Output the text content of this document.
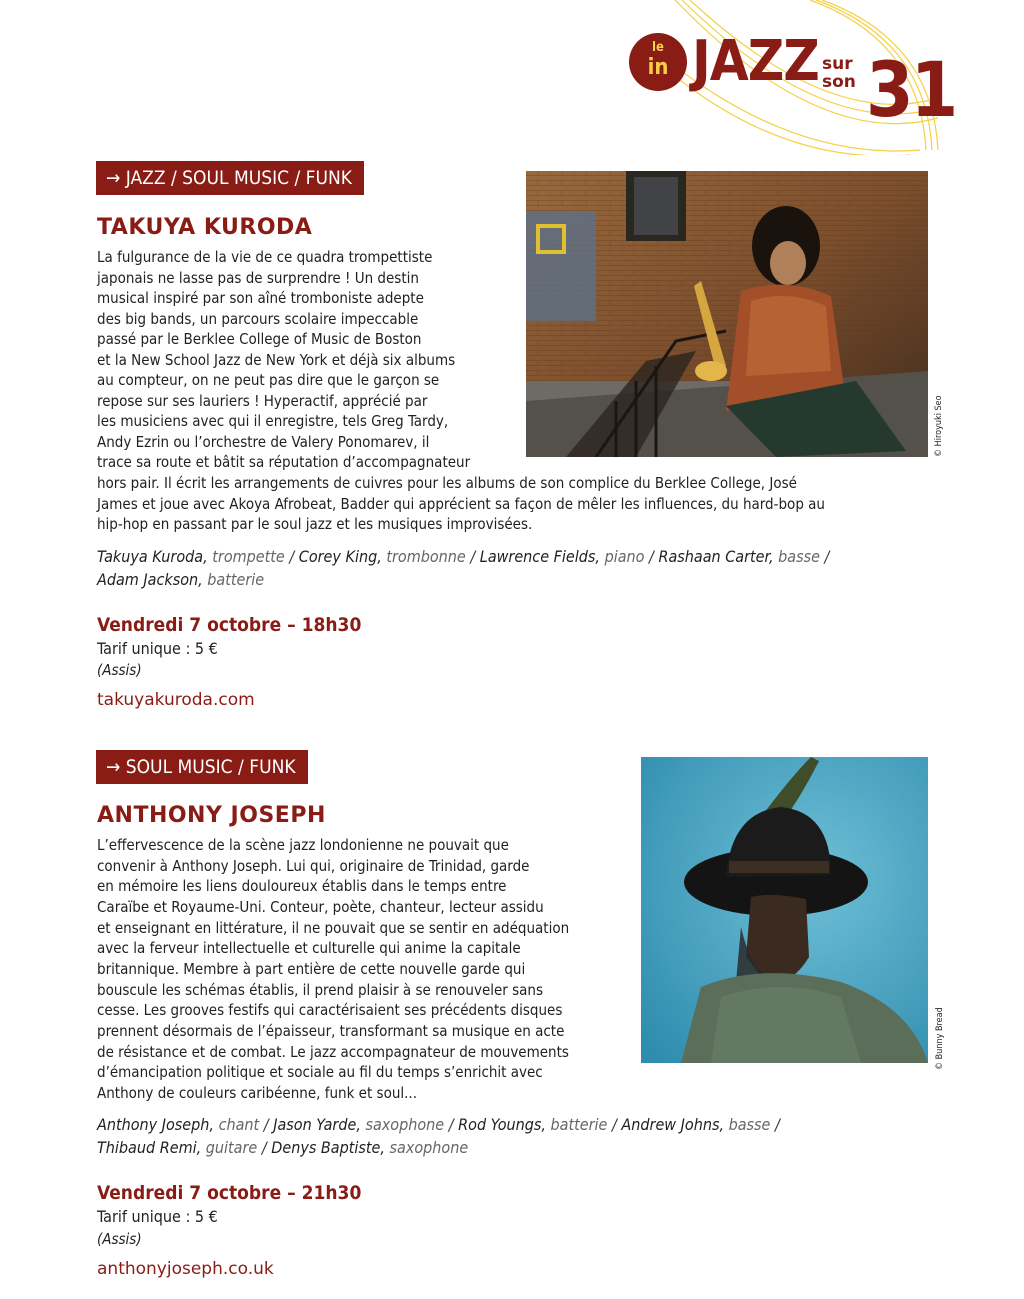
le
in JAZZ sur
son 31
→ JAZZ / SOUL MUSIC / FUNK
TAKUYA KURODA
La fulgurance de la vie de ce quadra trompettiste
japonais ne lasse pas de surprendre ! Un destin
musical inspiré par son aîné tromboniste adepte
des big bands, un parcours scolaire impeccable
passé par le Berklee College of Music de Boston
et la New School Jazz de New York et déjà six albums
au compteur, on ne peut pas dire que le garçon se
repose sur ses lauriers ! Hyperactif, apprécié par
les musiciens avec qui il enregistre, tels Greg Tardy,
Andy Ezrin ou l’orchestre de Valery Ponomarev, il
trace sa route et bâtit sa réputation d’accompagnateur
hors pair. Il écrit les arrangements de cuivres pour les albums de son complice du Berklee College, José
James et joue avec Akoya Afrobeat, Badder qui apprécient sa façon de mêler les influences, du hard-bop au
hip-hop en passant par le soul jazz et les musiques improvisées.
Takuya Kuroda, trompette / Corey King, trombonne / Lawrence Fields, piano / Rashaan Carter, basse /
Adam Jackson, batterie
Vendredi 7 octobre – 18h30
Tarif unique : 5 €
(Assis)
takuyakuroda.com
© Hiroyuki Seo
→ SOUL MUSIC / FUNK
ANTHONY JOSEPH
L’effervescence de la scène jazz londonienne ne pouvait que
convenir à Anthony Joseph. Lui qui, originaire de Trinidad, garde
en mémoire les liens douloureux établis dans le temps entre
Caraïbe et Royaume-Uni. Conteur, poète, chanteur, lecteur assidu
et enseignant en littérature, il ne pouvait que se sentir en adéquation
avec la ferveur intellectuelle et culturelle qui anime la capitale
britannique. Membre à part entière de cette nouvelle garde qui
bouscule les schémas établis, il prend plaisir à se renouveler sans
cesse. Les grooves festifs qui caractérisaient ses précédents disques
prennent désormais de l’épaisseur, transformant sa musique en acte
de résistance et de combat. Le jazz accompagnateur de mouvements
d’émancipation politique et sociale au fil du temps s’enrichit avec
Anthony de couleurs caribéenne, funk et soul...
Anthony Joseph, chant / Jason Yarde, saxophone / Rod Youngs, batterie / Andrew Johns, basse /
Thibaud Remi, guitare / Denys Baptiste, saxophone
Vendredi 7 octobre – 21h30
Tarif unique : 5 €
(Assis)
anthonyjoseph.co.uk
© Bunny Bread
